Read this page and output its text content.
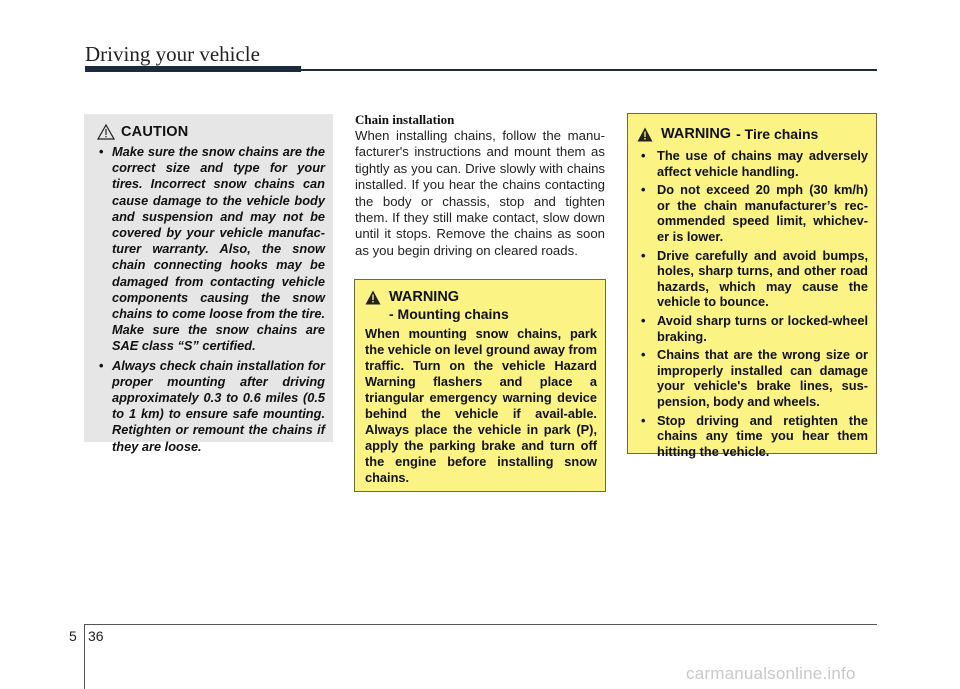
Driving your vehicle
CAUTION
• Make sure the snow chains are the correct size and type for your tires. Incorrect snow chains can cause damage to the vehicle body and suspension and may not be covered by your vehicle manufac-turer warranty. Also, the snow chain connecting hooks may be damaged from contacting vehicle components causing the snow chains to come loose from the tire. Make sure the snow chains are SAE class “S” certified.
• Always check chain installation for proper mounting after driving approximately 0.3 to 0.6 miles (0.5 to 1 km) to ensure safe mounting. Retighten or remount the chains if they are loose.
Chain installation
When installing chains, follow the manu-facturer's instructions and mount them as tightly as you can. Drive slowly with chains installed. If you hear the chains contacting the body or chassis, stop and tighten them. If they still make contact, slow down until it stops. Remove the chains as soon as you begin driving on cleared roads.
WARNING
- Mounting chains
When mounting snow chains, park the vehicle on level ground away from traffic. Turn on the vehicle Hazard Warning flashers and place a triangular emergency warning device behind the vehicle if avail-able. Always place the vehicle in park (P), apply the parking brake and turn off the engine before installing snow chains.
WARNING - Tire chains
• The use of chains may adversely affect vehicle handling.
• Do not exceed 20 mph (30 km/h) or the chain manufacturer’s rec-ommended speed limit, whichev-er is lower.
• Drive carefully and avoid bumps, holes, sharp turns, and other road hazards, which may cause the vehicle to bounce.
• Avoid sharp turns or locked-wheel braking.
• Chains that are the wrong size or improperly installed can damage your vehicle's brake lines, sus-pension, body and wheels.
• Stop driving and retighten the chains any time you hear them hitting the vehicle.
5 36
carmanualsonline.info
